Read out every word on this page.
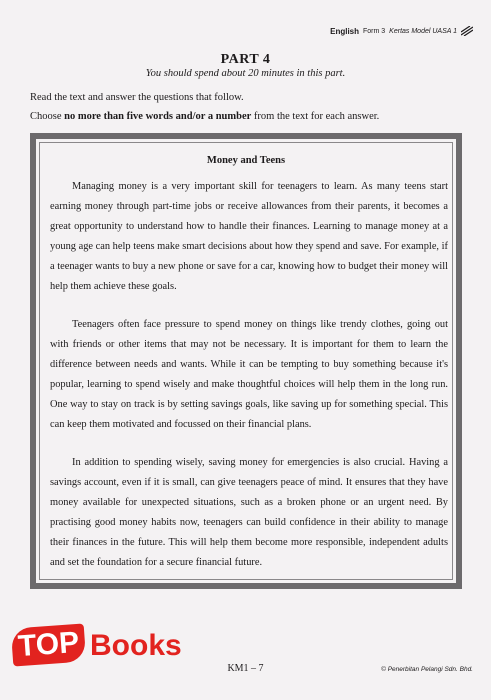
English Form 3 Kertas Model UASA 1
PART 4
You should spend about 20 minutes in this part.
Read the text and answer the questions that follow.
Choose no more than five words and/or a number from the text for each answer.
Money and Teens
Managing money is a very important skill for teenagers to learn. As many teens start earning money through part-time jobs or receive allowances from their parents, it becomes a great opportunity to understand how to handle their finances. Learning to manage money at a young age can help teens make smart decisions about how they spend and save. For example, if a teenager wants to buy a new phone or save for a car, knowing how to budget their money will help them achieve these goals.
Teenagers often face pressure to spend money on things like trendy clothes, going out with friends or other items that may not be necessary. It is important for them to learn the difference between needs and wants. While it can be tempting to buy something because it's popular, learning to spend wisely and make thoughtful choices will help them in the long run. One way to stay on track is by setting savings goals, like saving up for something special. This can keep them motivated and focussed on their financial plans.
In addition to spending wisely, saving money for emergencies is also crucial. Having a savings account, even if it is small, can give teenagers peace of mind. It ensures that they have money available for unexpected situations, such as a broken phone or an urgent need. By practising good money habits now, teenagers can build confidence in their ability to manage their finances in the future. This will help them become more responsible, independent adults and set the foundation for a secure financial future.
TOP Books
KM1 – 7	© Penerbitan Pelangi Sdn. Bhd.
